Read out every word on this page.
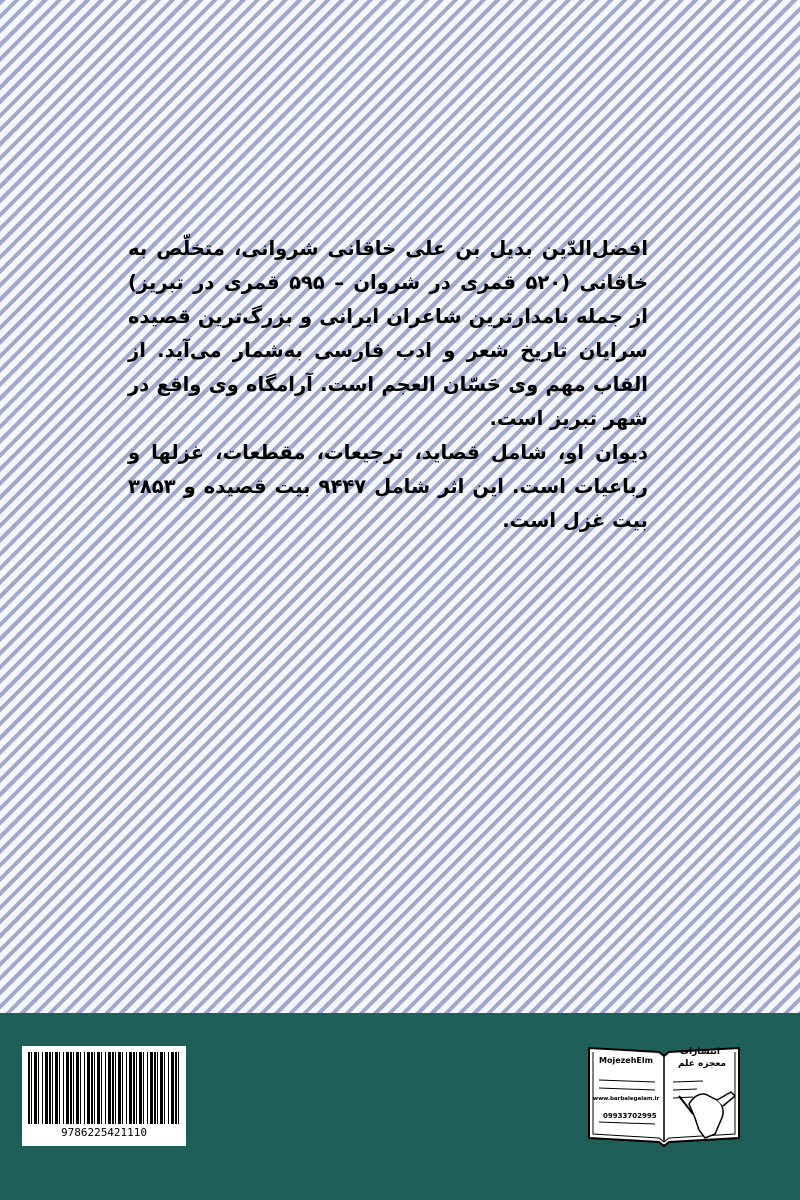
افضل‌الدّین بدیل بن علی خاقانی شروانی، متخلّص به خاقانی (۵۲۰ قمری در شروان – ۵۹۵ قمری در تبریز) از جمله نامدارترین شاعران ایرانی و بزرگ‌ترین قصیده سرایان تاریخ شعر و ادب فارسی به‌شمار می‌آید. از القاب مهم وی حَسّان العجم است. آرامگاه وی واقع در شهر تبریز است.

دیوان او، شامل قصاید، ترجیعات، مقطعات، غزلها و رباعیات است. این اثر شامل ۹۴۴۷ بیت قصیده و ۳۸۵۳ بیت غزل است.

9786225421110
انتشارات
معجزه علم
MojezehElm
www.barbalegalam.ir
09933702995
